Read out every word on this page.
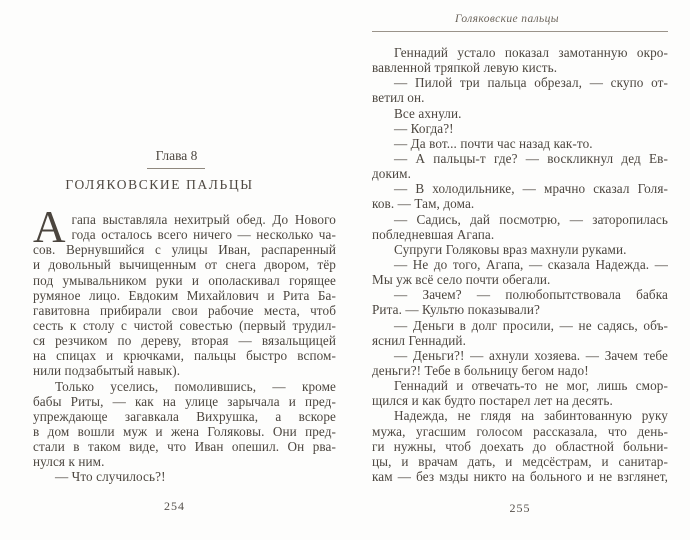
Глава 8
ГОЛЯКОВСКИЕ ПАЛЬЦЫ
А гапа выставляла нехитрый обед. До Нового
года осталось всего ничего — несколько ча-
сов. Вернувшийся с улицы Иван, распаренный
и довольный вычищенным от снега двором, тёр
под умывальником руки и ополаскивал горящее
румяное лицо. Евдоким Михайлович и Рита Ба-
гавитовна прибирали свои рабочие места, чтоб
сесть к столу с чистой совестью (первый трудил-
ся резчиком по дереву, вторая — вязальщицей
на спицах и крючками, пальцы быстро вспом-
нили подзабытый навык).
Только уселись, помолившись, — кроме
бабы Риты, — как на улице зарычала и пред-
упреждающе загавкала Вихрушка, а вскоре
в дом вошли муж и жена Голяковы. Они пред-
стали в таком виде, что Иван опешил. Он рва-
нулся к ним.
— Что случилось?!
254
Голяковские пальцы
Геннадий устало показал замотанную окро-
вавленной тряпкой левую кисть.
— Пилой три пальца обрезал, — скупо от-
ветил он.
Все ахнули.
— Когда?!
— Да вот... почти час назад как-то.
— А пальцы-т где? — воскликнул дед Ев-
доким.
— В холодильнике, — мрачно сказал Голя-
ков. — Там, дома.
— Садись, дай посмотрю, — заторопилась
побледневшая Агапа.
Супруги Голяковы враз махнули руками.
— Не до того, Агапа, — сказала Надежда. —
Мы уж всё село почти обегали.
— Зачем? — полюбопытствовала бабка
Рита. — Культю показывали?
— Деньги в долг просили, — не садясь, объ-
яснил Геннадий.
— Деньги?! — ахнули хозяева. — Зачем тебе
деньги?! Тебе в больницу бегом надо!
Геннадий и отвечать-то не мог, лишь смор-
щился и как будто постарел лет на десять.
Надежда, не глядя на забинтованную руку
мужа, угасшим голосом рассказала, что день-
ги нужны, чтоб доехать до областной больни-
цы, и врачам дать, и медсёстрам, и санитар-
кам — без мзды никто на больного и не взглянет,
255
